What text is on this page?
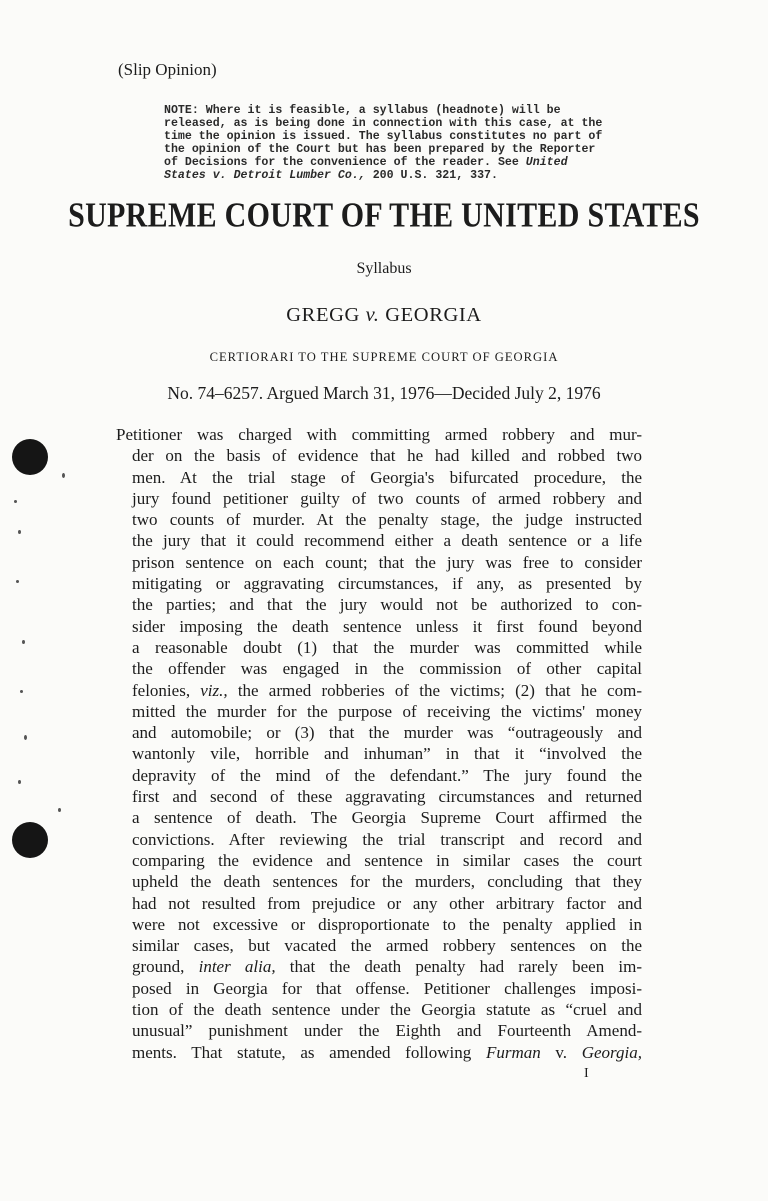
(Slip Opinion)

NOTE: Where it is feasible, a syllabus (headnote) will be released, as is being done in connection with this case, at the time the opinion is issued. The syllabus constitutes no part of the opinion of the Court but has been prepared by the Reporter of Decisions for the convenience of the reader. See United States v. Detroit Lumber Co., 200 U.S. 321, 337.

SUPREME COURT OF THE UNITED STATES
Syllabus
GREGG v. GEORGIA
CERTIORARI TO THE SUPREME COURT OF GEORGIA
No. 74–6257. Argued March 31, 1976—Decided July 2, 1976
Petitioner was charged with committing armed robbery and mur-
der on the basis of evidence that he had killed and robbed two
men. At the trial stage of Georgia's bifurcated procedure, the
jury found petitioner guilty of two counts of armed robbery and
two counts of murder. At the penalty stage, the judge instructed
the jury that it could recommend either a death sentence or a life
prison sentence on each count; that the jury was free to consider
mitigating or aggravating circumstances, if any, as presented by
the parties; and that the jury would not be authorized to con-
sider imposing the death sentence unless it first found beyond
a reasonable doubt (1) that the murder was committed while
the offender was engaged in the commission of other capital
felonies, viz., the armed robberies of the victims; (2) that he com-
mitted the murder for the purpose of receiving the victims' money
and automobile; or (3) that the murder was “outrageously and
wantonly vile, horrible and inhuman” in that it “involved the
depravity of the mind of the defendant.” The jury found the
first and second of these aggravating circumstances and returned
a sentence of death. The Georgia Supreme Court affirmed the
convictions. After reviewing the trial transcript and record and
comparing the evidence and sentence in similar cases the court
upheld the death sentences for the murders, concluding that they
had not resulted from prejudice or any other arbitrary factor and
were not excessive or disproportionate to the penalty applied in
similar cases, but vacated the armed robbery sentences on the
ground, inter alia, that the death penalty had rarely been im-
posed in Georgia for that offense. Petitioner challenges imposi-
tion of the death sentence under the Georgia statute as “cruel and
unusual” punishment under the Eighth and Fourteenth Amend-
ments. That statute, as amended following Furman v. Georgia,
I
